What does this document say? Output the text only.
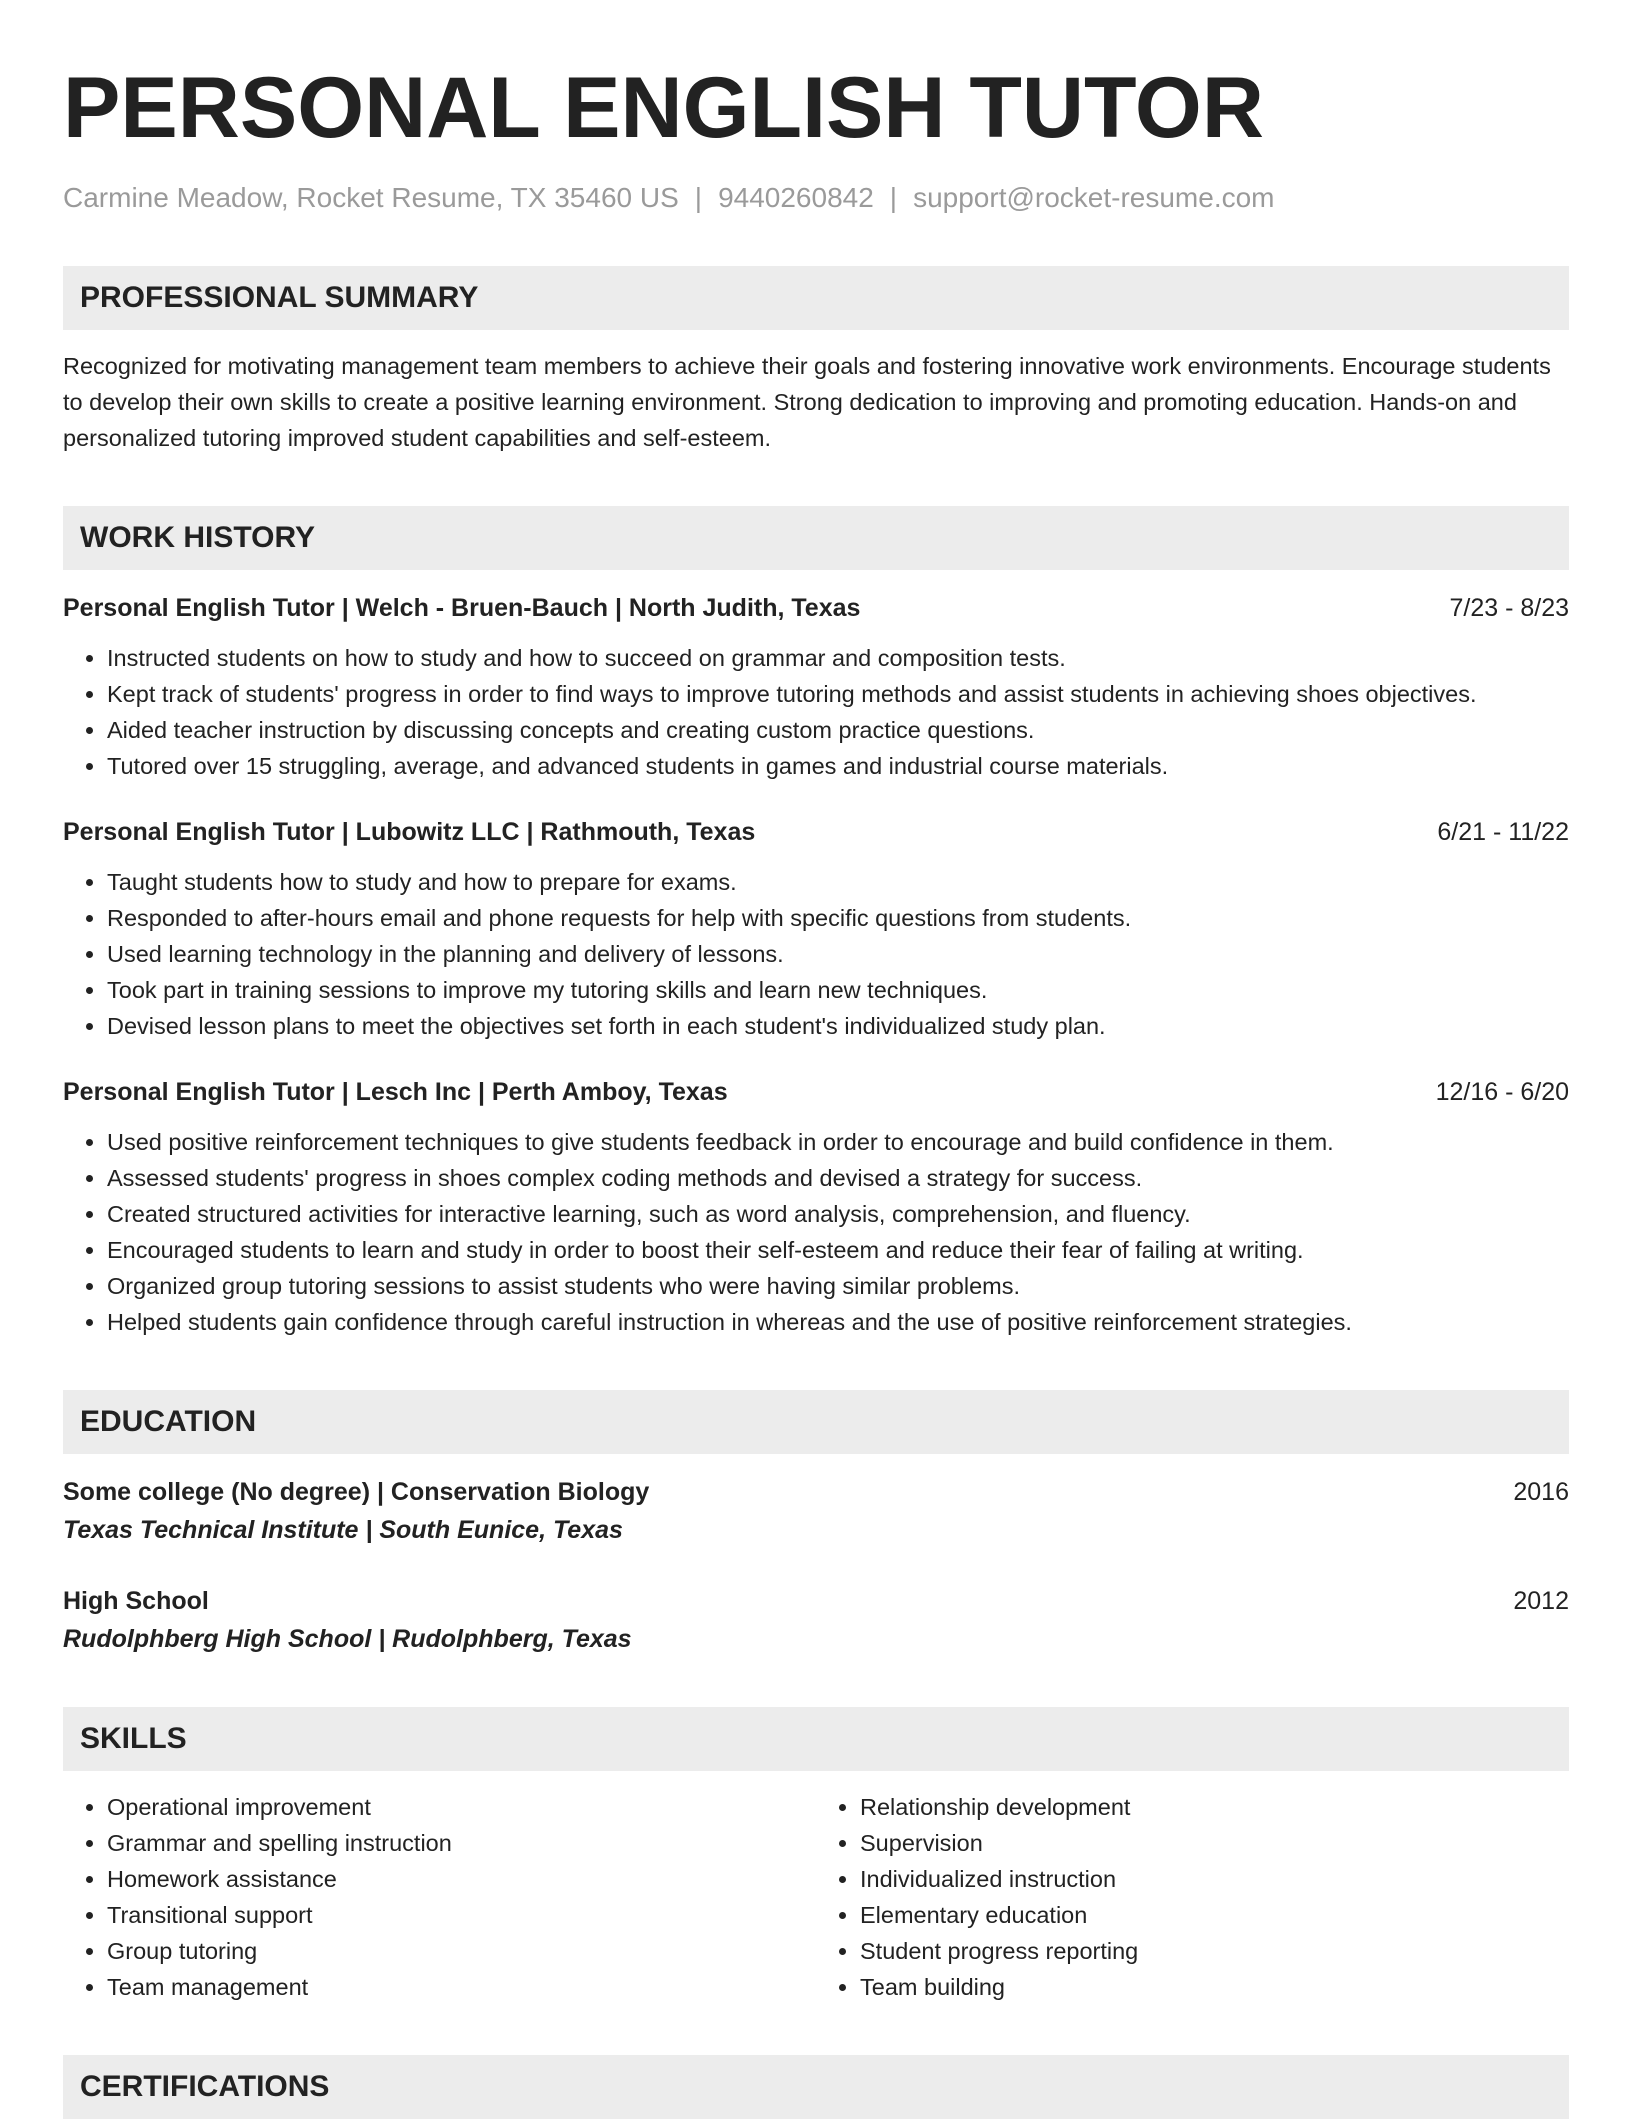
PERSONAL ENGLISH TUTOR
Carmine Meadow, Rocket Resume, TX 35460 US | 9440260842 | support@rocket-resume.com
PROFESSIONAL SUMMARY
Recognized for motivating management team members to achieve their goals and fostering innovative work environments. Encourage students to develop their own skills to create a positive learning environment. Strong dedication to improving and promoting education. Hands-on and personalized tutoring improved student capabilities and self-esteem.
WORK HISTORY
Personal English Tutor | Welch - Bruen-Bauch | North Judith, Texas	7/23 - 8/23
• Instructed students on how to study and how to succeed on grammar and composition tests.
• Kept track of students' progress in order to find ways to improve tutoring methods and assist students in achieving shoes objectives.
• Aided teacher instruction by discussing concepts and creating custom practice questions.
• Tutored over 15 struggling, average, and advanced students in games and industrial course materials.
Personal English Tutor | Lubowitz LLC | Rathmouth, Texas	6/21 - 11/22
• Taught students how to study and how to prepare for exams.
• Responded to after-hours email and phone requests for help with specific questions from students.
• Used learning technology in the planning and delivery of lessons.
• Took part in training sessions to improve my tutoring skills and learn new techniques.
• Devised lesson plans to meet the objectives set forth in each student's individualized study plan.
Personal English Tutor | Lesch Inc | Perth Amboy, Texas	12/16 - 6/20
• Used positive reinforcement techniques to give students feedback in order to encourage and build confidence in them.
• Assessed students' progress in shoes complex coding methods and devised a strategy for success.
• Created structured activities for interactive learning, such as word analysis, comprehension, and fluency.
• Encouraged students to learn and study in order to boost their self-esteem and reduce their fear of failing at writing.
• Organized group tutoring sessions to assist students who were having similar problems.
• Helped students gain confidence through careful instruction in whereas and the use of positive reinforcement strategies.
EDUCATION
Some college (No degree) | Conservation Biology	2016
Texas Technical Institute | South Eunice, Texas
High School	2012
Rudolphberg High School | Rudolphberg, Texas
SKILLS
• Operational improvement
• Grammar and spelling instruction
• Homework assistance
• Transitional support
• Group tutoring
• Team management
• Relationship development
• Supervision
• Individualized instruction
• Elementary education
• Student progress reporting
• Team building
CERTIFICATIONS
